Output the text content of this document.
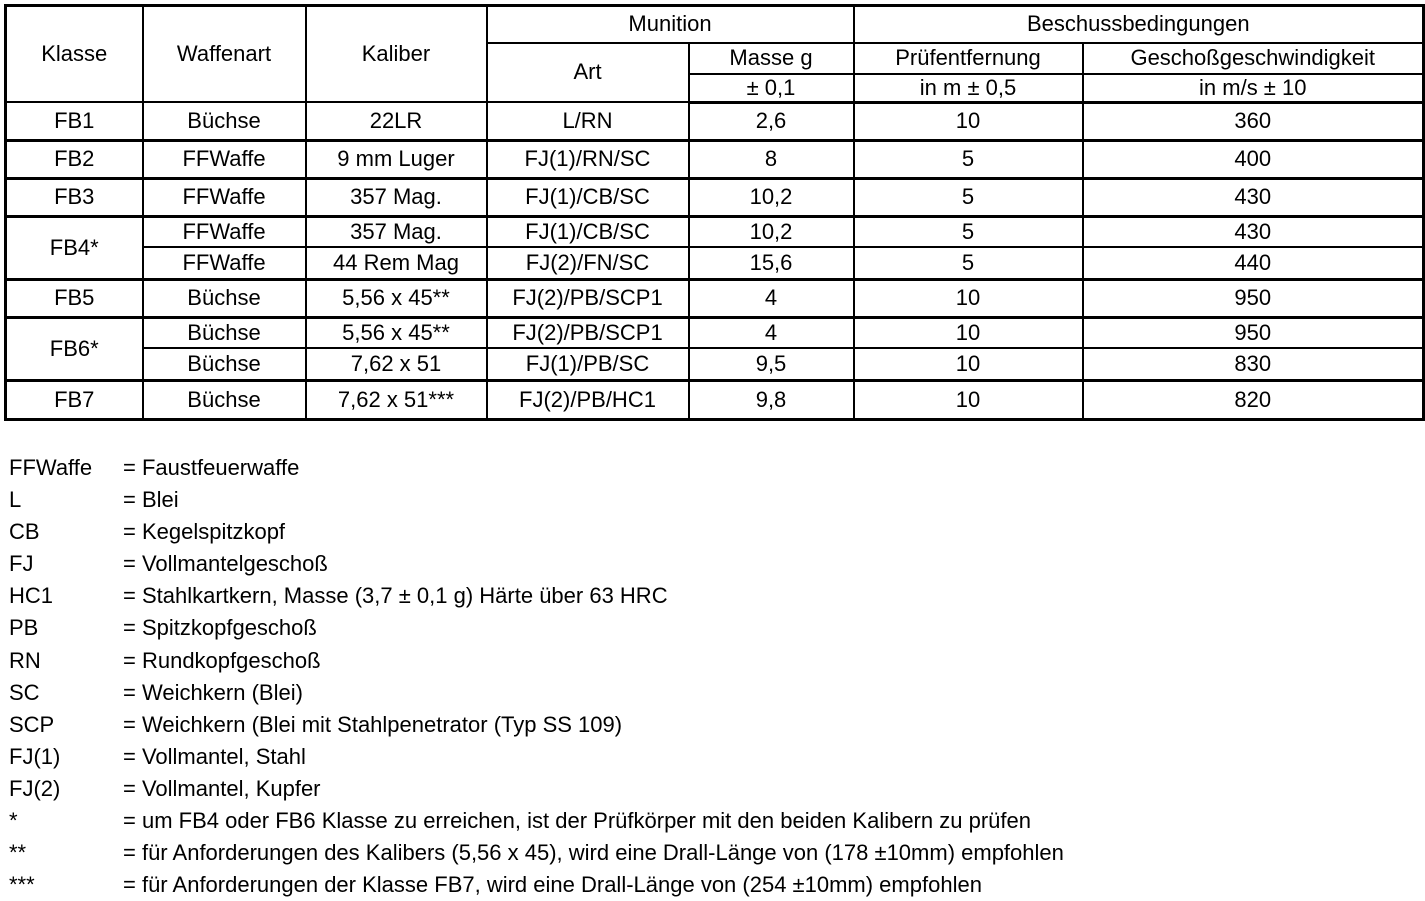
Klasse	Waffenart	Kaliber	Munition		Beschussbedingungen	
			Art	Masse g	Prüfentfernung	Geschoßgeschwindigkeit
				± 0,1	in m ± 0,5	in m/s ± 10
FB1	Büchse	22LR	L/RN	2,6	10	360
FB2	FFWaffe	9 mm Luger	FJ(1)/RN/SC	8	5	400
FB3	FFWaffe	357 Mag.	FJ(1)/CB/SC	10,2	5	430
FB4*	FFWaffe	357 Mag.	FJ(1)/CB/SC	10,2	5	430
	FFWaffe	44 Rem Mag	FJ(2)/FN/SC	15,6	5	440
FB5	Büchse	5,56 x 45**	FJ(2)/PB/SCP1	4	10	950
FB6*	Büchse	5,56 x 45**	FJ(2)/PB/SCP1	4	10	950
	Büchse	7,62 x 51	FJ(1)/PB/SC	9,5	10	830
FB7	Büchse	7,62 x 51***	FJ(2)/PB/HC1	9,8	10	820
FFWaffe	= Faustfeuerwaffe
L	= Blei
CB	= Kegelspitzkopf
FJ	= Vollmantelgeschoß
HC1	= Stahlkartkern, Masse (3,7 ± 0,1 g) Härte über 63 HRC
PB	= Spitzkopfgeschoß
RN	= Rundkopfgeschoß
SC	= Weichkern (Blei)
SCP	= Weichkern (Blei mit Stahlpenetrator (Typ SS 109)
FJ(1)	= Vollmantel, Stahl
FJ(2)	= Vollmantel, Kupfer
*	= um FB4 oder FB6 Klasse zu erreichen, ist der Prüfkörper mit den beiden Kalibern zu prüfen
**	= für Anforderungen des Kalibers (5,56 x 45), wird eine Drall-Länge von (178 ±10mm) empfohlen
***	= für Anforderungen der Klasse FB7, wird eine Drall-Länge von (254 ±10mm) empfohlen
